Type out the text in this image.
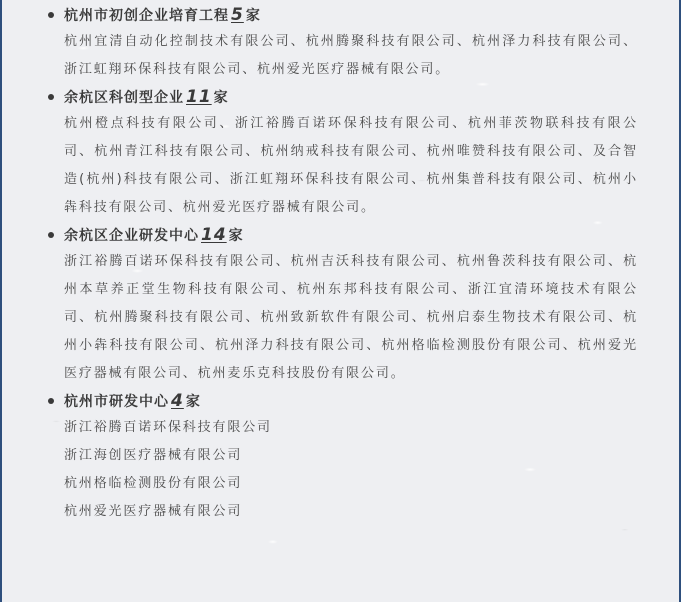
杭州市初创企业培育工程 5 家
杭州宜清自动化控制技术有限公司、杭州腾聚科技有限公司、杭州泽力科技有限公司、浙江虹翔环保科技有限公司、杭州爱光医疗器械有限公司。
余杭区科创型企业 11 家
杭州橙点科技有限公司、浙江裕腾百诺环保科技有限公司、杭州菲茨物联科技有限公司、杭州青江科技有限公司、杭州纳戒科技有限公司、杭州唯赞科技有限公司、及合智造(杭州)科技有限公司、浙江虹翔环保科技有限公司、杭州集普科技有限公司、杭州小犇科技有限公司、杭州爱光医疗器械有限公司。
余杭区企业研发中心 14 家
浙江裕腾百诺环保科技有限公司、杭州吉沃科技有限公司、杭州鲁茨科技有限公司、杭州本草养正堂生物科技有限公司、杭州东邦科技有限公司、浙江宜清环境技术有限公司、杭州腾聚科技有限公司、杭州致新软件有限公司、杭州启泰生物技术有限公司、杭州小犇科技有限公司、杭州泽力科技有限公司、杭州格临检测股份有限公司、杭州爱光医疗器械有限公司、杭州麦乐克科技股份有限公司。
杭州市研发中心 4 家
浙江裕腾百诺环保科技有限公司
浙江海创医疗器械有限公司
杭州格临检测股份有限公司
杭州爱光医疗器械有限公司
